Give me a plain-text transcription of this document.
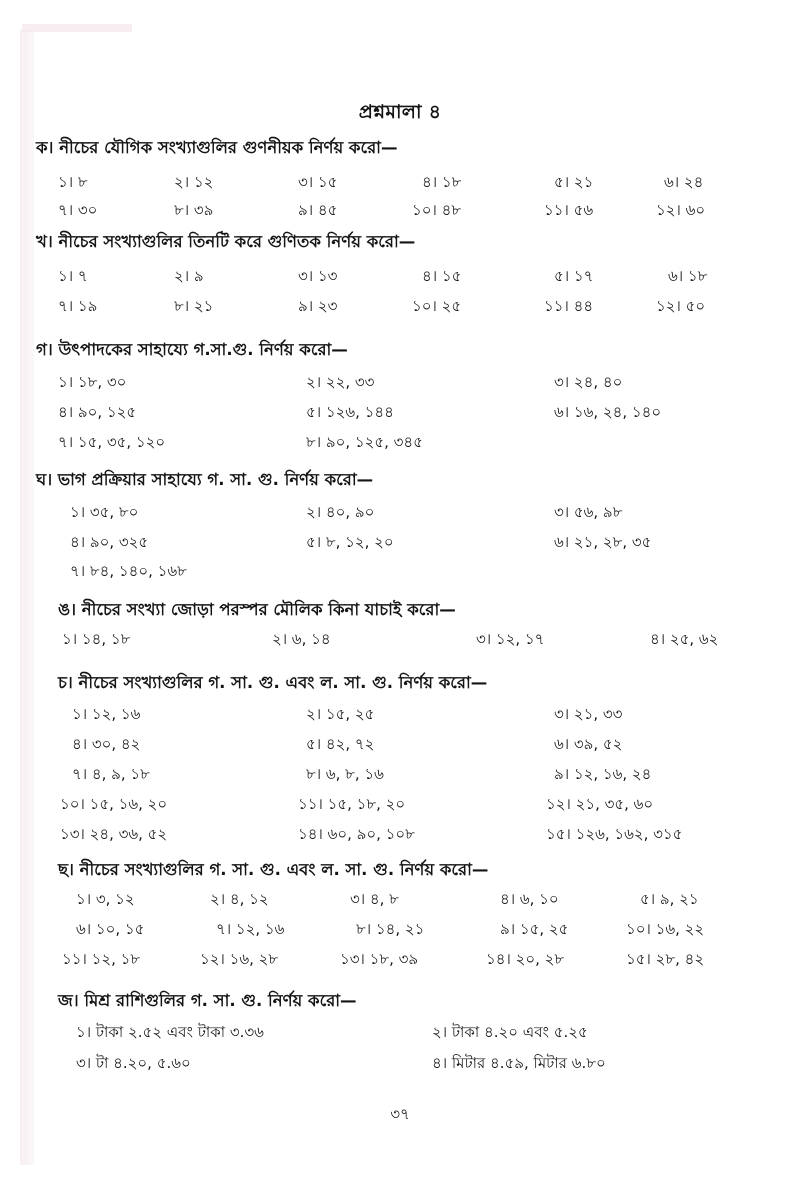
প্রশ্নমালা ৪
ক। নীচের যৌগিক সংখ্যাগুলির গুণনীয়ক নির্ণয় করো—
১। ৮	২। ১২	৩। ১৫	৪। ১৮	৫। ২১	৬। ২৪
৭। ৩০	৮। ৩৯	৯। ৪৫	১০। ৪৮	১১। ৫৬	১২। ৬০
খ। নীচের সংখ্যাগুলির তিনটি করে গুণিতক নির্ণয় করো—
১। ৭	২। ৯	৩। ১৩	৪। ১৫	৫। ১৭	৬। ১৮
৭। ১৯	৮। ২১	৯। ২৩	১০। ২৫	১১। ৪৪	১২। ৫০
গ। উৎপাদকের সাহায্যে গ.সা.গু. নির্ণয় করো—
১। ১৮, ৩০	২। ২২, ৩৩	৩। ২৪, ৪০
৪। ৯০, ১২৫	৫। ১২৬, ১৪৪	৬। ১৬, ২৪, ১৪০
৭। ১৫, ৩৫, ১২০	৮। ৯০, ১২৫, ৩৪৫
ঘ। ভাগ প্রক্রিয়ার সাহায্যে গ. সা. গু. নির্ণয় করো—
১। ৩৫, ৮০	২। ৪০, ৯০	৩। ৫৬, ৯৮
৪। ৯০, ৩২৫	৫। ৮, ১২, ২০	৬। ২১, ২৮, ৩৫
৭। ৮৪, ১৪০, ১৬৮
ঙ। নীচের সংখ্যা জোড়া পরস্পর মৌলিক কিনা যাচাই করো—
১। ১৪, ১৮	২। ৬, ১৪	৩। ১২, ১৭	৪। ২৫, ৬২
চ। নীচের সংখ্যাগুলির গ. সা. গু. এবং ল. সা. গু. নির্ণয় করো—
১। ১২, ১৬	২। ১৫, ২৫	৩। ২১, ৩৩
৪। ৩০, ৪২	৫। ৪২, ৭২	৬। ৩৯, ৫২
৭। ৪, ৯, ১৮	৮। ৬, ৮, ১৬	৯। ১২, ১৬, ২৪
১০। ১৫, ১৬, ২০	১১। ১৫, ১৮, ২০	১২। ২১, ৩৫, ৬০
১৩। ২৪, ৩৬, ৫২	১৪। ৬০, ৯০, ১০৮	১৫। ১২৬, ১৬২, ৩১৫
ছ। নীচের সংখ্যাগুলির গ. সা. গু. এবং ল. সা. গু. নির্ণয় করো—
১। ৩, ১২	২। ৪, ১২	৩। ৪, ৮	৪। ৬, ১০	৫। ৯, ২১
৬। ১০, ১৫	৭। ১২, ১৬	৮। ১৪, ২১	৯। ১৫, ২৫	১০। ১৬, ২২
১১। ১২, ১৮	১২। ১৬, ২৮	১৩। ১৮, ৩৯	১৪। ২০, ২৮	১৫। ২৮, ৪২
জ। মিশ্র রাশিগুলির গ. সা. গু. নির্ণয় করো—
১। টাকা ২.৫২ এবং টাকা ৩.৩৬	২। টাকা ৪.২০ এবং ৫.২৫
৩। টা ৪.২০, ৫.৬০	৪। মিটার ৪.৫৯, মিটার ৬.৮০
৩৭
